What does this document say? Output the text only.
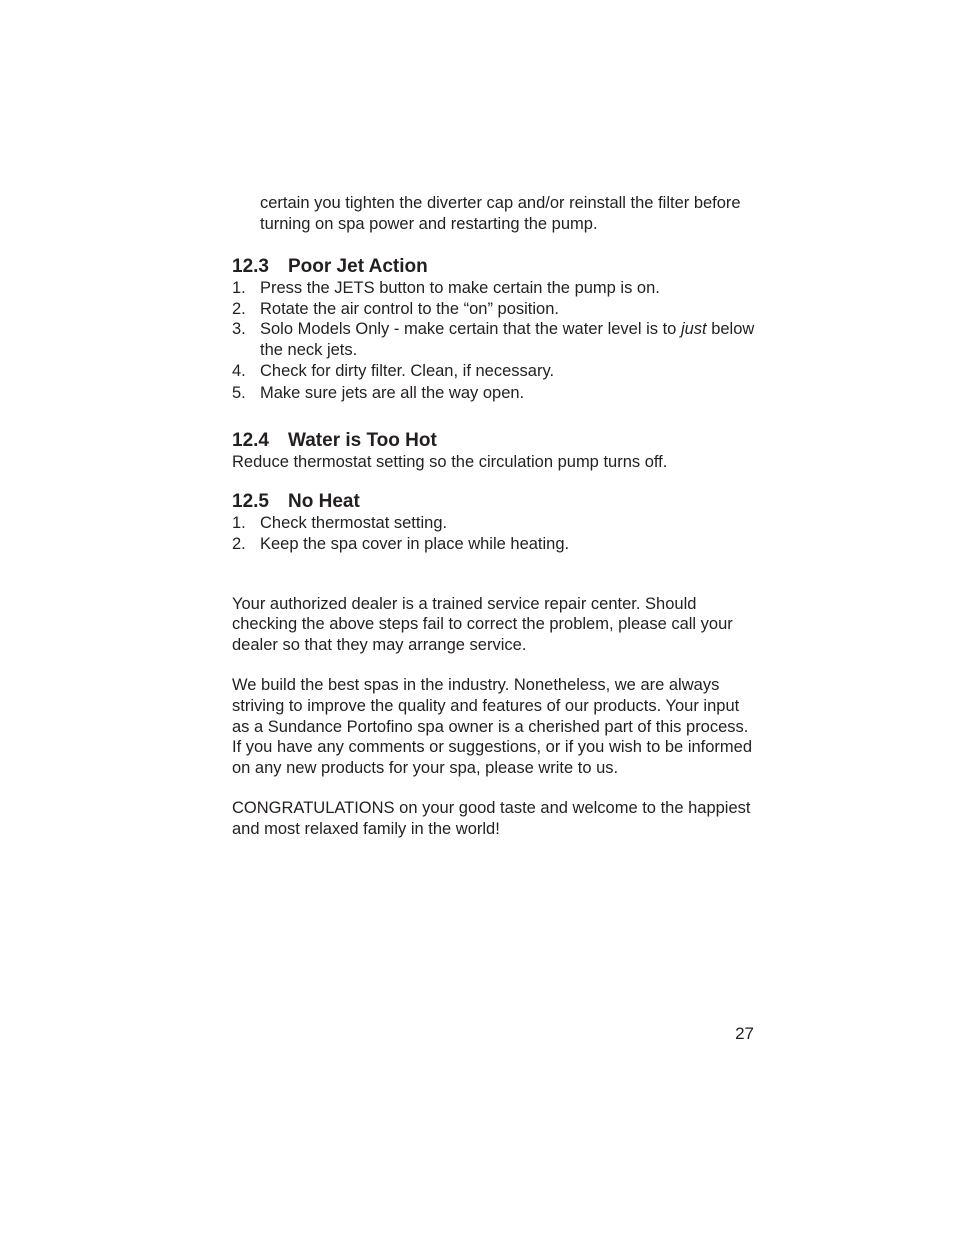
certain you tighten the diverter cap and/or reinstall the filter before turning on spa power and restarting the pump.
12.3	Poor Jet Action
1. Press the JETS button to make certain the pump is on.
2. Rotate the air control to the “on” position.
3. Solo Models Only - make certain that the water level is to just below the neck jets.
4. Check for dirty filter. Clean, if necessary.
5. Make sure jets are all the way open.
12.4	Water is Too Hot

Reduce thermostat setting so the circulation pump turns off.

12.5	No Heat
1. Check thermostat setting.
2. Keep the spa cover in place while heating.

Your authorized dealer is a trained service repair center. Should checking the above steps fail to correct the problem, please call your dealer so that they may arrange service.

We build the best spas in the industry. Nonetheless, we are always striving to improve the quality and features of our products. Your input as a Sundance Portofino spa owner is a cherished part of this process. If you have any comments or suggestions, or if you wish to be informed on any new products for your spa, please write to us.

CONGRATULATIONS on your good taste and welcome to the happiest and most relaxed family in the world!

27
